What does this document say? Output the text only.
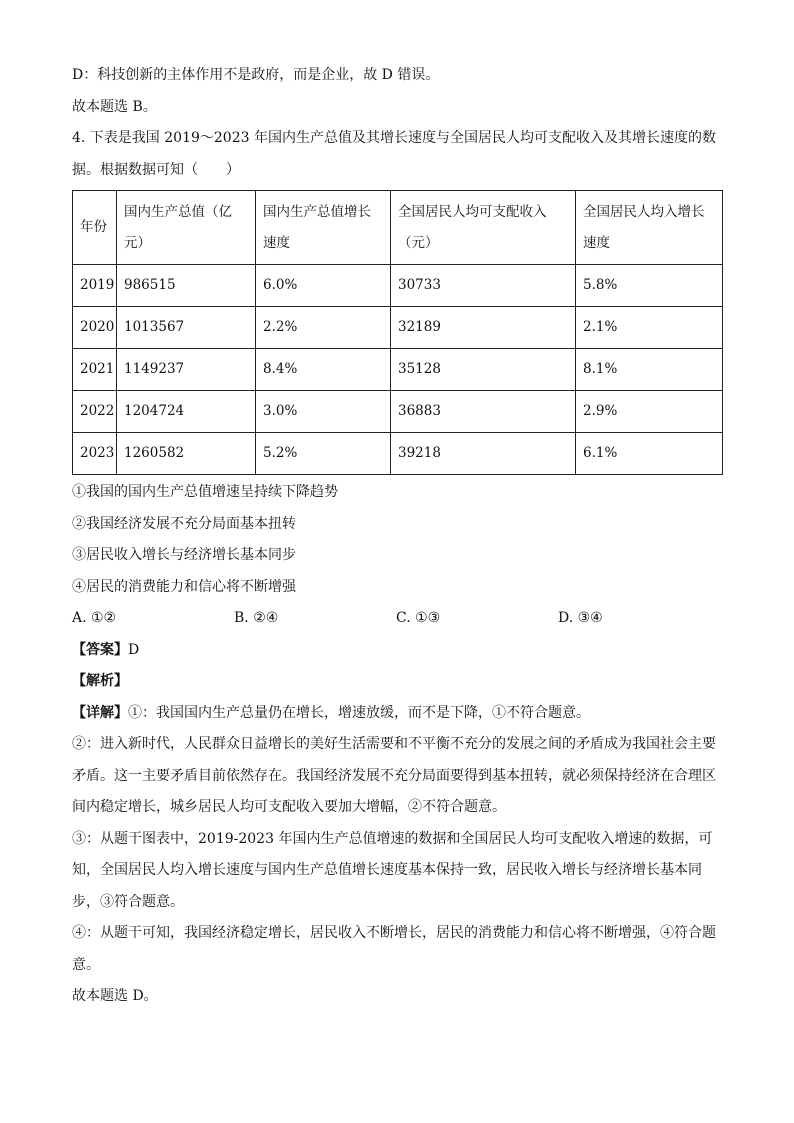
D：科技创新的主体作用不是政府，而是企业，故 D 错误。
故本题选 B。
4. 下表是我国 2019～2023 年国内生产总值及其增长速度与全国居民人均可支配收入及其增长速度的数
据。根据数据可知（　　）
年份	国内生产总值（亿元）	国内生产总值增长速度	全国居民人均可支配收入（元）	全国居民人均入增长速度
2019	986515	6.0%	30733	5.8%
2020	1013567	2.2%	32189	2.1%
2021	1149237	8.4%	35128	8.1%
2022	1204724	3.0%	36883	2.9%
2023	1260582	5.2%	39218	6.1%
①我国的国内生产总值增速呈持续下降趋势
②我国经济发展不充分局面基本扭转
③居民收入增长与经济增长基本同步
④居民的消费能力和信心将不断增强
A. ①②	B. ②④	C. ①③	D. ③④
【答案】D
【解析】
【详解】①：我国国内生产总量仍在增长，增速放缓，而不是下降，①不符合题意。
②：进入新时代，人民群众日益增长的美好生活需要和不平衡不充分的发展之间的矛盾成为我国社会主要
矛盾。这一主要矛盾目前依然存在。我国经济发展不充分局面要得到基本扭转，就必须保持经济在合理区
间内稳定增长，城乡居民人均可支配收入要加大增幅，②不符合题意。
③：从题干图表中，2019-2023 年国内生产总值增速的数据和全国居民人均可支配收入增速的数据，可
知，全国居民人均入增长速度与国内生产总值增长速度基本保持一致，居民收入增长与经济增长基本同
步，③符合题意。
④：从题干可知，我国经济稳定增长，居民收入不断增长，居民的消费能力和信心将不断增强，④符合题
意。
故本题选 D。
